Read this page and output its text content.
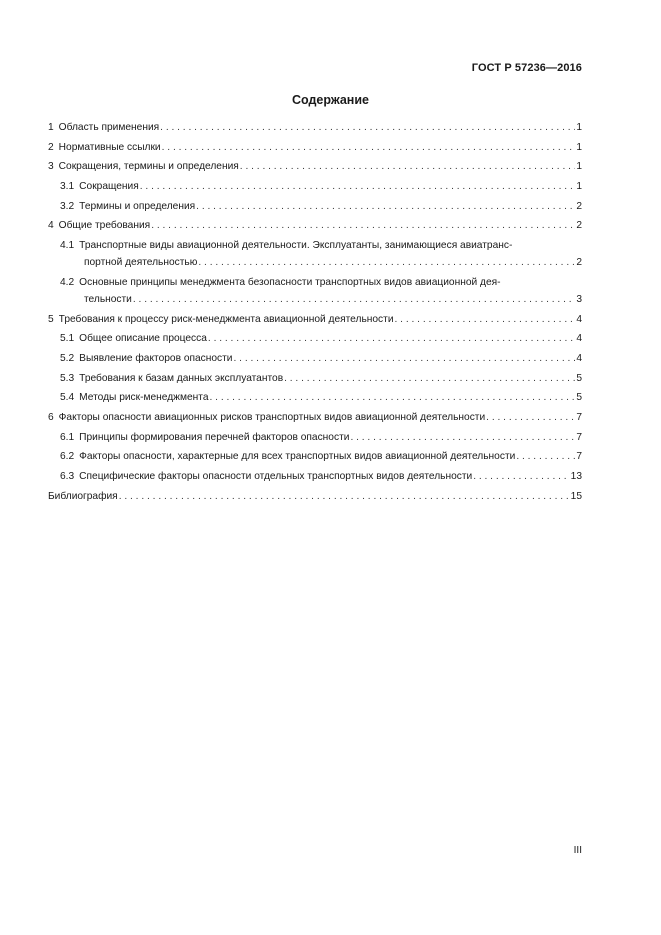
ГОСТ Р 57236—2016
Содержание
1 Область применения . . .	1
2 Нормативные ссылки . . .	1
3 Сокращения, термины и определения . . .	1
3.1 Сокращения . . .	1
3.2 Термины и определения . . .	2
4 Общие требования . . .	2
4.1 Транспортные виды авиационной деятельности. Эксплуатанты, занимающиеся авиатранс-
портной деятельностью . . .	2
4.2 Основные принципы менеджмента безопасности транспортных видов авиационной дея-
тельности . . .	3
5 Требования к процессу риск-менеджмента авиационной деятельности . . .	4
5.1 Общее описание процесса . . .	4
5.2 Выявление факторов опасности . . .	4
5.3 Требования к базам данных эксплуатантов . . .	5
5.4 Методы риск-менеджмента . . .	5
6 Факторы опасности авиационных рисков транспортных видов авиационной деятельности . . .	7
6.1 Принципы формирования перечней факторов опасности . . .	7
6.2 Факторы опасности, характерные для всех транспортных видов авиационной деятельности . . .	7
6.3 Специфические факторы опасности отдельных транспортных видов деятельности . . .	13
Библиография . . .	15
III
